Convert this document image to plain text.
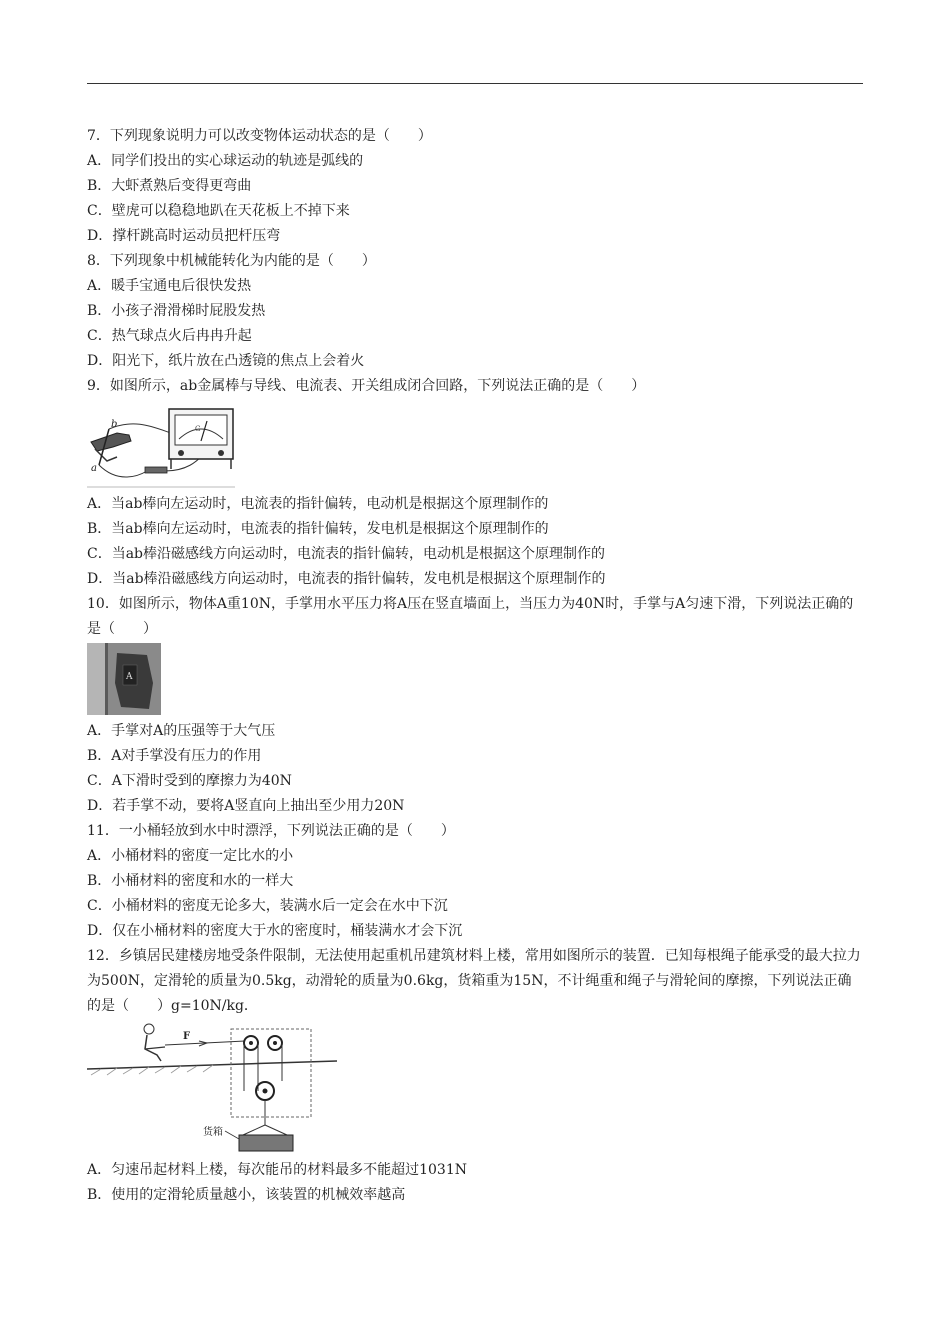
7．下列现象说明力可以改变物体运动状态的是（　　）
A．同学们投出的实心球运动的轨迹是弧线的
B．大虾煮熟后变得更弯曲
C．壁虎可以稳稳地趴在天花板上不掉下来
D．撑杆跳高时运动员把杆压弯
8．下列现象中机械能转化为内能的是（　　）
A．暖手宝通电后很快发热
B．小孩子滑滑梯时屁股发热
C．热气球点火后冉冉升起
D．阳光下，纸片放在凸透镜的焦点上会着火
9．如图所示，ab金属棒与导线、电流表、开关组成闭合回路，下列说法正确的是（　　）
b
a
G
A．当ab棒向左运动时，电流表的指针偏转，电动机是根据这个原理制作的
B．当ab棒向左运动时，电流表的指针偏转，发电机是根据这个原理制作的
C．当ab棒沿磁感线方向运动时，电流表的指针偏转，电动机是根据这个原理制作的
D．当ab棒沿磁感线方向运动时，电流表的指针偏转，发电机是根据这个原理制作的
10．如图所示，物体A重10N，手掌用水平压力将A压在竖直墙面上，当压力为40N时，手掌与A匀速下滑，下列说法正确的是（　　）
A
A．手掌对A的压强等于大气压
B．A对手掌没有压力的作用
C．A下滑时受到的摩擦力为40N
D．若手掌不动，要将A竖直向上抽出至少用力20N
11．一小桶轻放到水中时漂浮，下列说法正确的是（　　）
A．小桶材料的密度一定比水的小
B．小桶材料的密度和水的一样大
C．小桶材料的密度无论多大，装满水后一定会在水中下沉
D．仅在小桶材料的密度大于水的密度时，桶装满水才会下沉
12．乡镇居民建楼房地受条件限制，无法使用起重机吊建筑材料上楼，常用如图所示的装置．已知每根绳子能承受的最大拉力为500N，定滑轮的质量为0.5kg，动滑轮的质量为0.6kg，货箱重为15N，不计绳重和绳子与滑轮间的摩擦，下列说法正确的是（　　）g=10N/kg．
F
货箱
A．匀速吊起材料上楼，每次能吊的材料最多不能超过1031N
B．使用的定滑轮质量越小，该装置的机械效率越高
